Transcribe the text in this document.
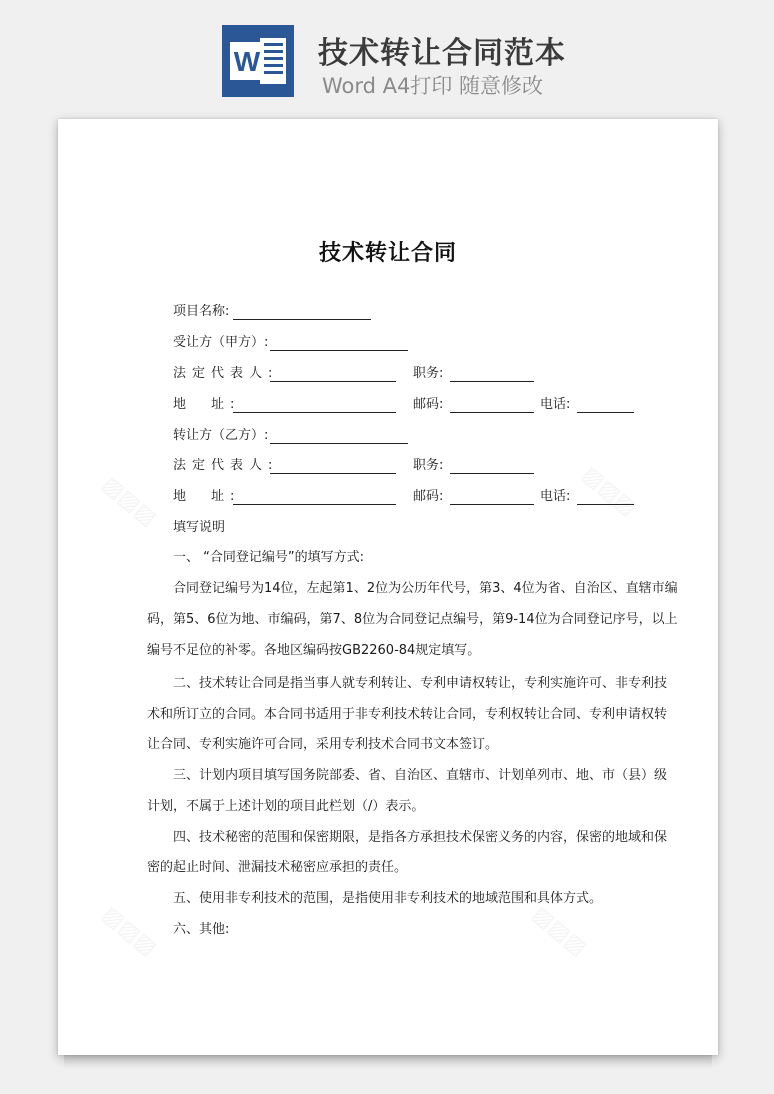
W 技术转让合同范本
Word A4打印 随意修改
▨▨▨	▨▨▨
▨▨▨	▨▨▨
技术转让合同
项目名称:
受让方（甲方）:
法定代表人:	职务:
地　址:	邮码:	电话:
转让方（乙方）:
法定代表人:	职务:
地　址:	邮码:	电话:
填写说明
一、 “合同登记编号”的填写方式:
合同登记编号为14位，左起第1、2位为公历年代号，第3、4位为省、自治区、直辖市编
码，第5、6位为地、市编码，第7、8位为合同登记点编号，第9-14位为合同登记序号，以上
编号不足位的补零。各地区编码按GB2260-84规定填写。
二、技术转让合同是指当事人就专利转让、专利申请权转让，专利实施许可、非专利技
术和所订立的合同。本合同书适用于非专利技术转让合同，专利权转让合同、专利申请权转
让合同、专利实施许可合同，采用专利技术合同书文本签订。
三、计划内项目填写国务院部委、省、自治区、直辖市、计划单列市、地、市（县）级
计划，不属于上述计划的项目此栏划（/）表示。
四、技术秘密的范围和保密期限，是指各方承担技术保密义务的内容，保密的地域和保
密的起止时间、泄漏技术秘密应承担的责任。
五、使用非专利技术的范围，是指使用非专利技术的地域范围和具体方式。
六、其他:
